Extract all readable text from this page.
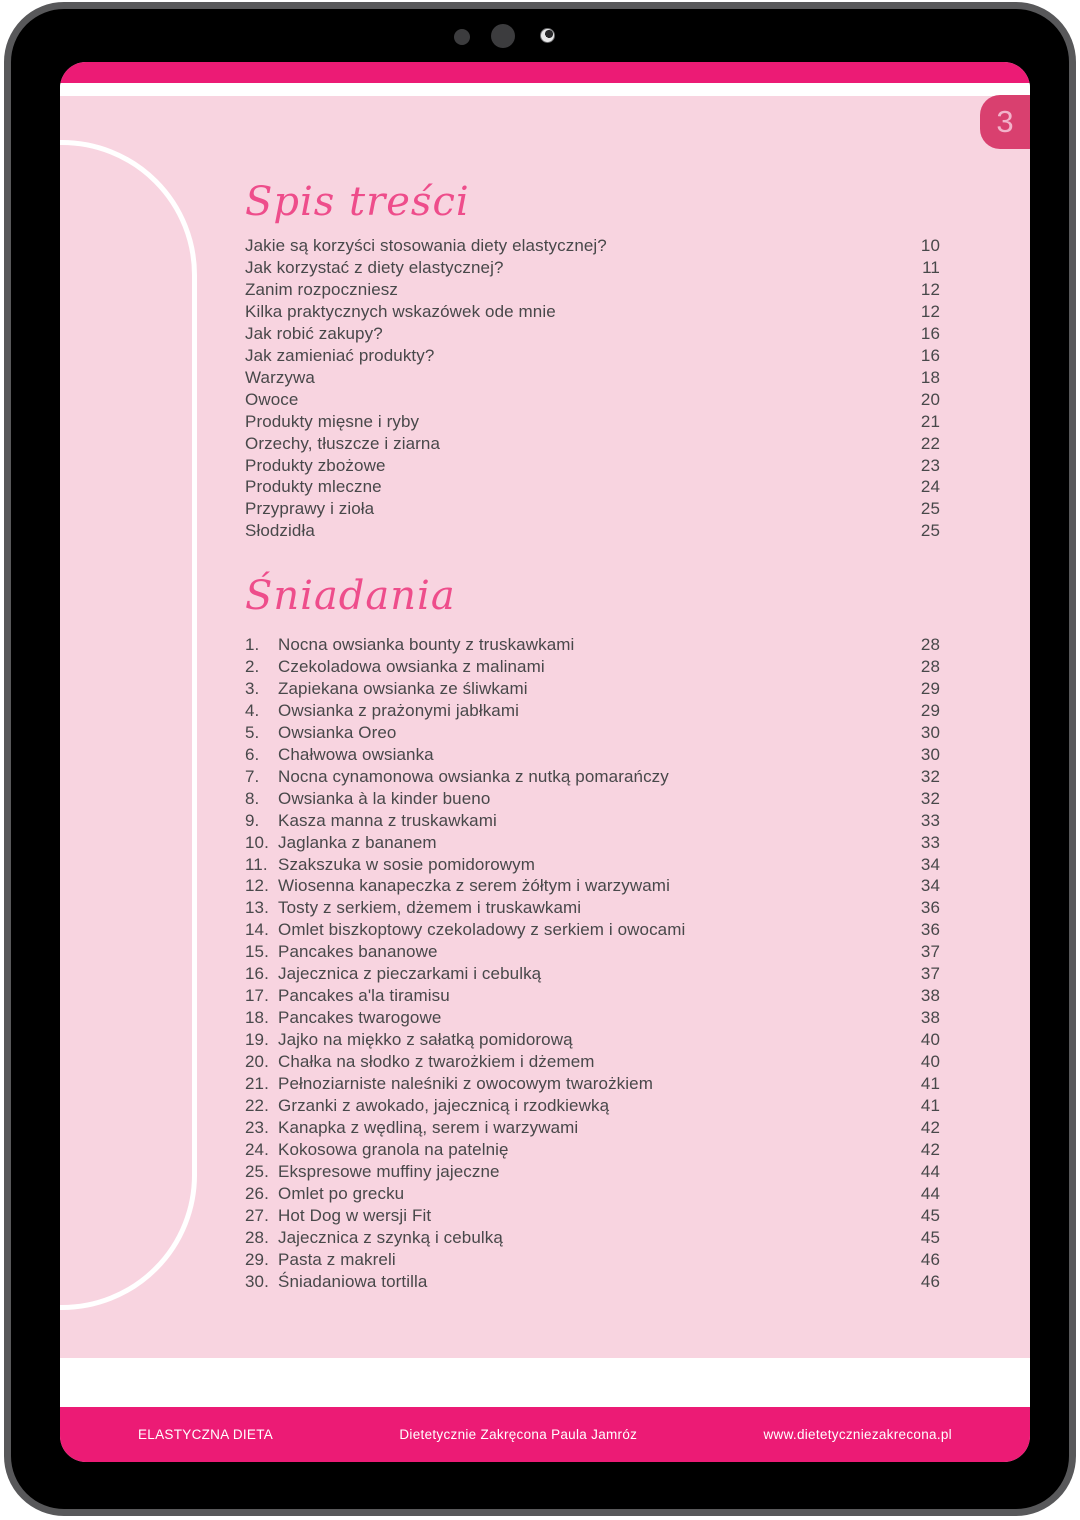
3
Spis treści
Jakie są korzyści stosowania diety elastycznej?	10
Jak korzystać z diety elastycznej?	11
Zanim rozpoczniesz	12
Kilka praktycznych wskazówek ode mnie	12
Jak robić zakupy?	16
Jak zamieniać produkty?	16
Warzywa	18
Owoce	20
Produkty mięsne i ryby	21
Orzechy, tłuszcze i ziarna	22
Produkty zbożowe	23
Produkty mleczne	24
Przyprawy i zioła	25
Słodzidła	25
Śniadania
1.	Nocna owsianka bounty z truskawkami	28
2.	Czekoladowa owsianka z malinami	28
3.	Zapiekana owsianka ze śliwkami	29
4.	Owsianka z prażonymi jabłkami	29
5.	Owsianka Oreo	30
6.	Chałwowa owsianka	30
7.	Nocna cynamonowa owsianka z nutką pomarańczy	32
8.	Owsianka à la kinder bueno	32
9.	Kasza manna z truskawkami	33
10. Jaglanka z bananem	33
11. Szakszuka w sosie pomidorowym	34
12. Wiosenna kanapeczka z serem żółtym i warzywami	34
13. Tosty z serkiem, dżemem i truskawkami	36
14. Omlet biszkoptowy czekoladowy z serkiem i owocami	36
15. Pancakes bananowe	37
16. Jajecznica z pieczarkami i cebulką	37
17. Pancakes a'la tiramisu	38
18. Pancakes twarogowe	38
19. Jajko na miękko z sałatką pomidorową	40
20. Chałka na słodko z twarożkiem i dżemem	40
21. Pełnoziarniste naleśniki z owocowym twarożkiem	41
22. Grzanki z awokado, jajecznicą i rzodkiewką	41
23. Kanapka z wędliną, serem i warzywami	42
24. Kokosowa granola na patelnię	42
25. Ekspresowe muffiny jajeczne	44
26. Omlet po grecku	44
27. Hot Dog w wersji Fit	45
28. Jajecznica z szynką i cebulką	45
29. Pasta z makreli	46
30. Śniadaniowa tortilla	46
ELASTYCZNA DIETA	Dietetycznie Zakręcona Paula Jamróz	www.dietetyczniezakrecona.pl
